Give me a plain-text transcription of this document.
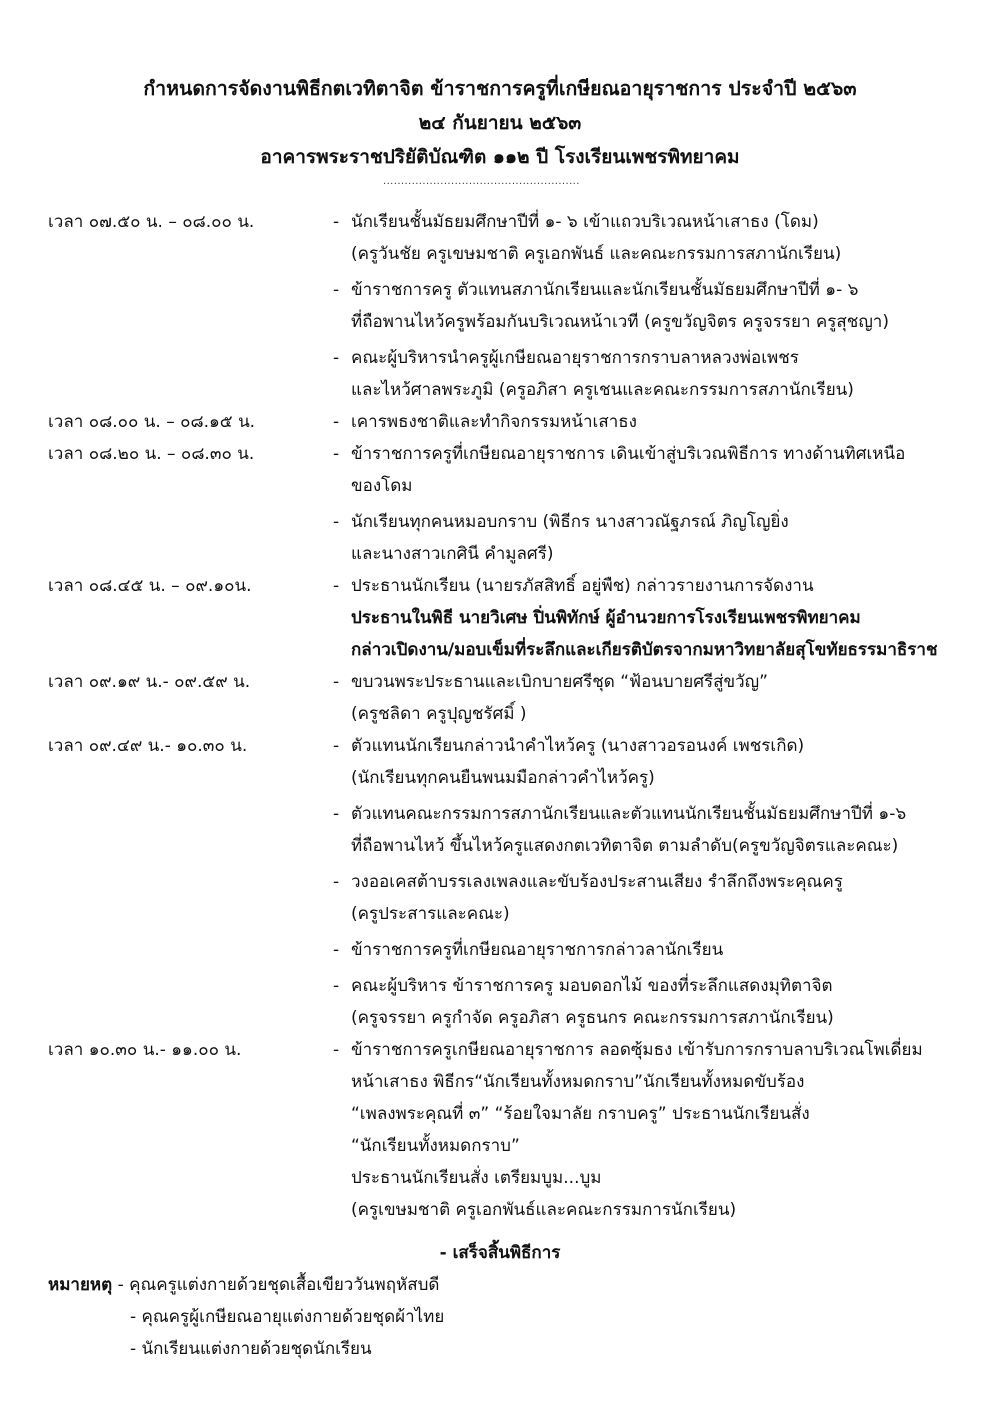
กำหนดการจัดงานพิธีกตเวทิตาจิต ข้าราชการครูที่เกษียณอายุราชการ ประจำปี ๒๕๖๓
๒๔ กันยายน ๒๕๖๓
อาคารพระราชปริยัติบัณฑิต ๑๑๒ ปี โรงเรียนเพชรพิทยาคม
.......................................................
เวลา ๐๗.๕๐ น. – ๐๘.๐๐ น.	- นักเรียนชั้นมัธยมศึกษาปีที่ ๑- ๖ เข้าแถวบริเวณหน้าเสาธง (โดม)
(ครูวันชัย ครูเขษมชาติ ครูเอกพันธ์ และคณะกรรมการสภานักเรียน)
- ข้าราชการครู ตัวแทนสภานักเรียนและนักเรียนชั้นมัธยมศึกษาปีที่ ๑- ๖
ที่ถือพานไหว้ครูพร้อมกันบริเวณหน้าเวที (ครูขวัญจิตร ครูจรรยา ครูสุชญา)
- คณะผู้บริหารนำครูผู้เกษียณอายุราชการกราบลาหลวงพ่อเพชร
และไหว้ศาลพระภูมิ (ครูอภิสา ครูเชนและคณะกรรมการสภานักเรียน)
เวลา ๐๘.๐๐ น. – ๐๘.๑๕ น.	- เคารพธงชาติและทำกิจกรรมหน้าเสาธง
เวลา ๐๘.๒๐ น. – ๐๘.๓๐ น.	- ข้าราชการครูที่เกษียณอายุราชการ เดินเข้าสู่บริเวณพิธีการ ทางด้านทิศเหนือ
ของโดม
- นักเรียนทุกคนหมอบกราบ (พิธีกร นางสาวณัฐภรณ์ ภิญโญยิ่ง
และนางสาวเกศินี คำมูลศรี)
เวลา ๐๘.๔๕ น. – ๐๙.๑๐น.	- ประธานนักเรียน (นายรภัสสิทธิ์ อยู่พืช) กล่าวรายงานการจัดงาน
ประธานในพิธี นายวิเศษ ปิ่นพิทักษ์ ผู้อำนวยการโรงเรียนเพชรพิทยาคม
กล่าวเปิดงาน/มอบเข็มที่ระลึกและเกียรติบัตรจากมหาวิทยาลัยสุโขทัยธรรมาธิราช
เวลา ๐๙.๑๙ น.- ๐๙.๕๙ น.	- ขบวนพระประธานและเบิกบายศรีชุด “ฟ้อนบายศรีสู่ขวัญ”
(ครูชลิดา ครูปุญชรัศมิ์ )
เวลา ๐๙.๔๙ น.- ๑๐.๓๐ น.	- ตัวแทนนักเรียนกล่าวนำคำไหว้ครู (นางสาวอรอนงค์ เพชรเกิด)
(นักเรียนทุกคนยืนพนมมือกล่าวคำไหว้ครู)
- ตัวแทนคณะกรรมการสภานักเรียนและตัวแทนนักเรียนชั้นมัธยมศึกษาปีที่ ๑-๖
ที่ถือพานไหว้ ขึ้นไหว้ครูแสดงกตเวทิตาจิต ตามลำดับ(ครูขวัญจิตรและคณะ)
- วงออเคสต้าบรรเลงเพลงและขับร้องประสานเสียง รำลึกถึงพระคุณครู
(ครูประสารและคณะ)
- ข้าราชการครูที่เกษียณอายุราชการกล่าวลานักเรียน
- คณะผู้บริหาร ข้าราชการครู มอบดอกไม้ ของที่ระลึกแสดงมุทิตาจิต
(ครูจรรยา ครูกำจัด ครูอภิสา ครูธนกร คณะกรรมการสภานักเรียน)
เวลา ๑๐.๓๐ น.- ๑๑.๐๐ น.	- ข้าราชการครูเกษียณอายุราชการ ลอดซุ้มธง เข้ารับการกราบลาบริเวณโพเดี่ยม
หน้าเสาธง พิธีกร“นักเรียนทั้งหมดกราบ”นักเรียนทั้งหมดขับร้อง
“เพลงพระคุณที่ ๓” “ร้อยใจมาลัย กราบครู” ประธานนักเรียนสั่ง
“นักเรียนทั้งหมดกราบ”
ประธานนักเรียนสั่ง เตรียมบูม...บูม
(ครูเขษมชาติ ครูเอกพันธ์และคณะกรรมการนักเรียน)
- เสร็จสิ้นพิธีการ
หมายหตุ - คุณครูแต่งกายด้วยชุดเสื้อเขียววันพฤหัสบดี
- คุณครูผู้เกษียณอายุแต่งกายด้วยชุดผ้าไทย
- นักเรียนแต่งกายด้วยชุดนักเรียน
